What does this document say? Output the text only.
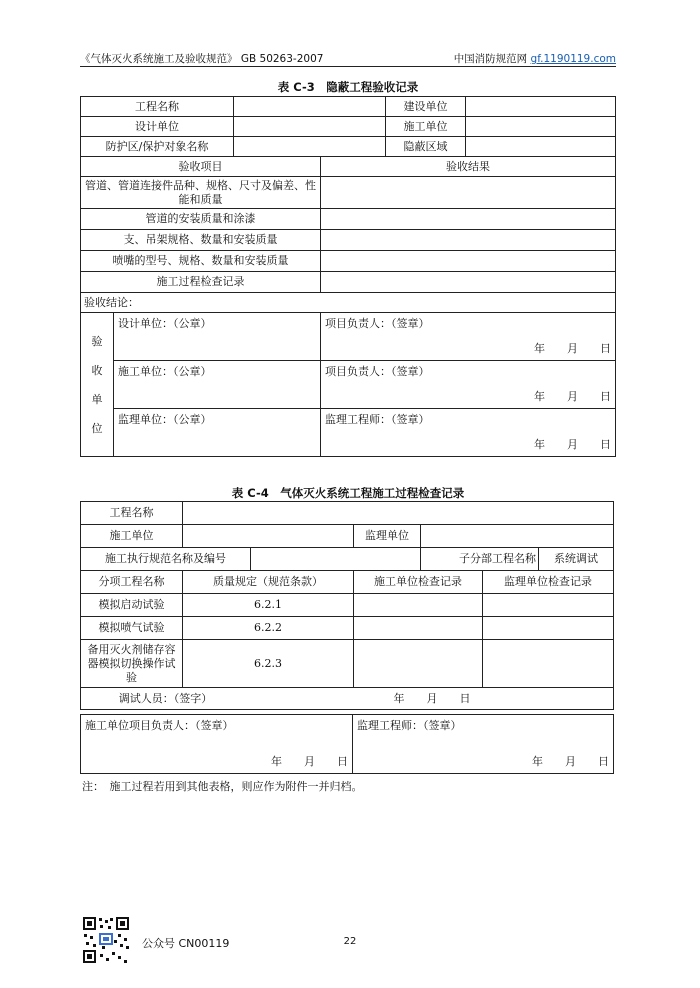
《气体灭火系统施工及验收规范》 GB 50263-2007	中国消防规范网 gf.1190119.com
表 C-3　隐蔽工程验收记录
工程名称			建设单位	
设计单位			施工单位	
防护区/保护对象名称			隐蔽区域	
验收项目		验收结果		
管道、管道连接件品种、规格、尺寸及偏差、性能和质量				
管道的安装质量和涂漆				
支、吊架规格、数量和安装质量				
喷嘴的型号、规格、数量和安装质量				
施工过程检查记录				
验收结论：				
验
收
单
位	设计单位：（公章）	项目负责人：（签章）
年　　月　　日

	施工单位：（公章）	项目负责人：（签章）
年　　月　　日

	监理单位：（公章）	监理工程师：（签章）
年　　月　　日
表 C-4　气体灭火系统工程施工过程检查记录
工程名称						
施工单位			监理单位			
施工执行规范名称及编号				子分部工程名称		系统调试
分项工程名称	质量规定（规范条款）		施工单位检查记录		监理单位检查记录	
模拟启动试验	6.2.1					
模拟喷气试验	6.2.2					
备用灭火剂储存容器模拟切换操作试验	6.2.3					
调试人员：（签字）		年　　月　　日				
施工单位项目负责人：（签章）
年　　月　　日

监理工程师：（签章）
年　　月　　日
注：　施工过程若用到其他表格，则应作为附件一并归档。
公众号 CN00119	22
